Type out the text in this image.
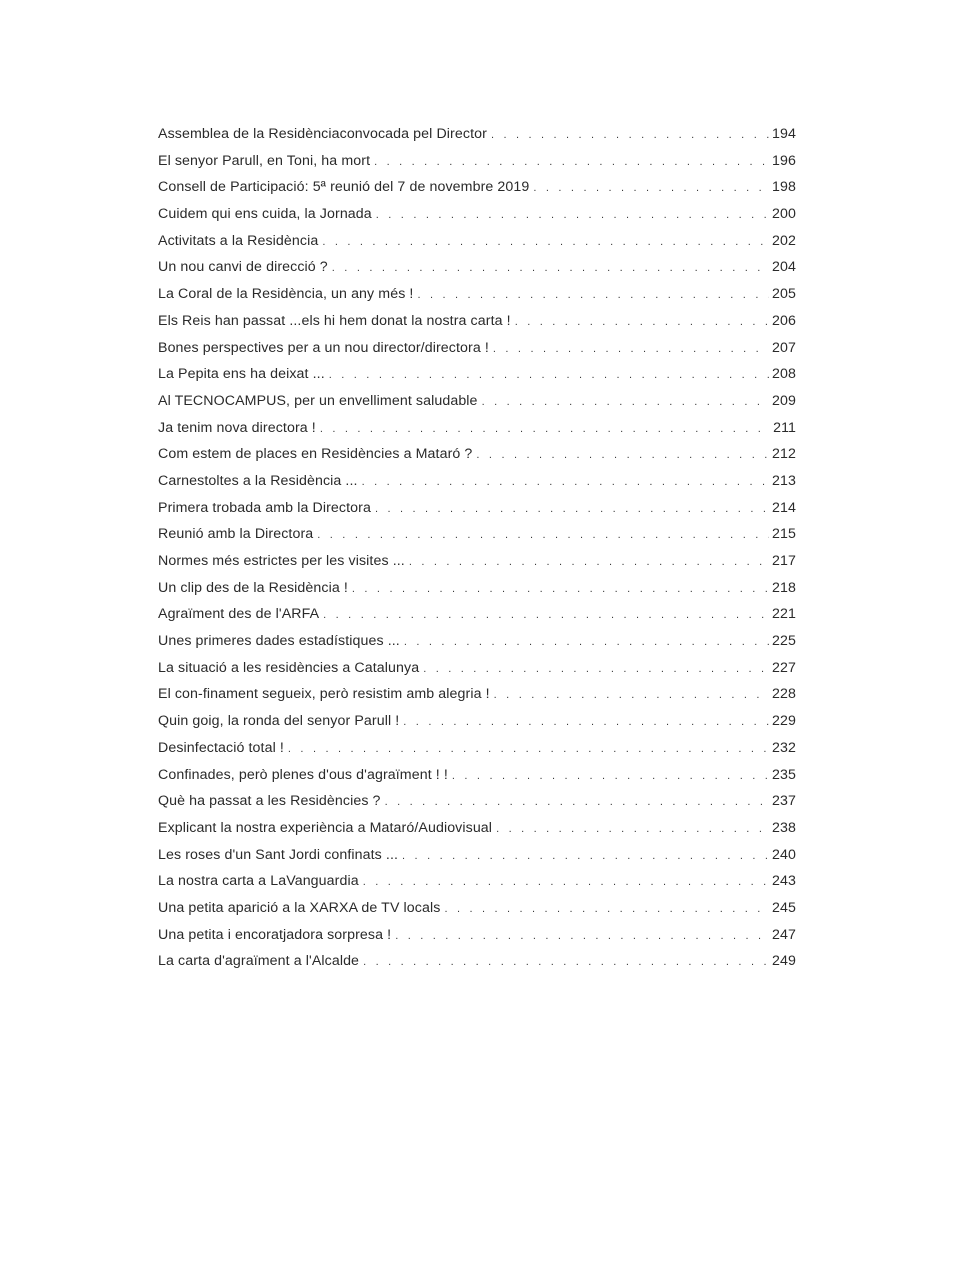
Assemblea de la Residènciaconvocada pel Director . . .	194
El senyor Parull, en Toni, ha mort . . .	196
Consell de Participació: 5ª reunió del 7 de novembre 2019 . . .	198
Cuidem qui ens cuida, la Jornada . . .	200
Activitats a la Residència . . .	202
Un nou canvi de direcció ? . . .	204
La Coral de la Residència, un any més ! . . .	205
Els Reis han passat ...els hi hem donat la nostra carta ! . . .	206
Bones perspectives per a un nou director/directora ! . . .	207
La Pepita ens ha deixat ... . . .	208
Al TECNOCAMPUS, per un envelliment saludable . . .	209
Ja tenim nova directora ! . . .	211
Com estem de places en Residències a Mataró ? . . .	212
Carnestoltes a la Residència ... . . .	213
Primera trobada amb la Directora . . .	214
Reunió amb la Directora . . .	215
Normes més estrictes per les visites ... . . .	217
Un clip des de la Residència ! . . .	218
Agraïment des de l'ARFA . . .	221
Unes primeres dades estadístiques ... . . .	225
La situació a les residències a Catalunya . . .	227
El con-finament segueix, però resistim amb alegria ! . . .	228
Quin goig, la ronda del senyor Parull ! . . .	229
Desinfectació total ! . . .	232
Confinades, però plenes d'ous d'agraïment ! ! . . .	235
Què ha passat a les Residències ? . . .	237
Explicant la nostra experiència a Mataró/Audiovisual . . .	238
Les roses d'un Sant Jordi confinats ... . . .	240
La nostra carta a LaVanguardia . . .	243
Una petita aparició a la XARXA de TV locals . . .	245
Una petita i encoratjadora sorpresa ! . . .	247
La carta d'agraïment a l'Alcalde . . .	249
